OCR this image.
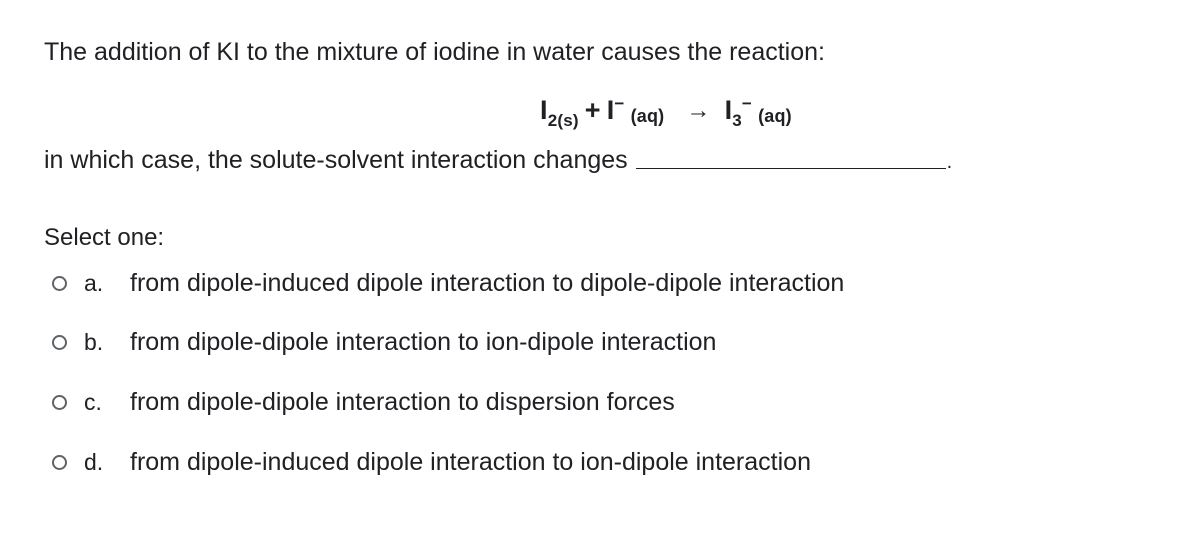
The addition of KI to the mixture of iodine in water causes the reaction:
$I_{2(s)} + I^-(aq) \to I_3^-(aq)$
in which case, the solute-solvent interaction changes	.
Select one:
a.	from dipole-induced dipole interaction to dipole-dipole interaction
b.	from dipole-dipole interaction to ion-dipole interaction
c.	from dipole-dipole interaction to dispersion forces
d.	from dipole-induced dipole interaction to ion-dipole interaction
